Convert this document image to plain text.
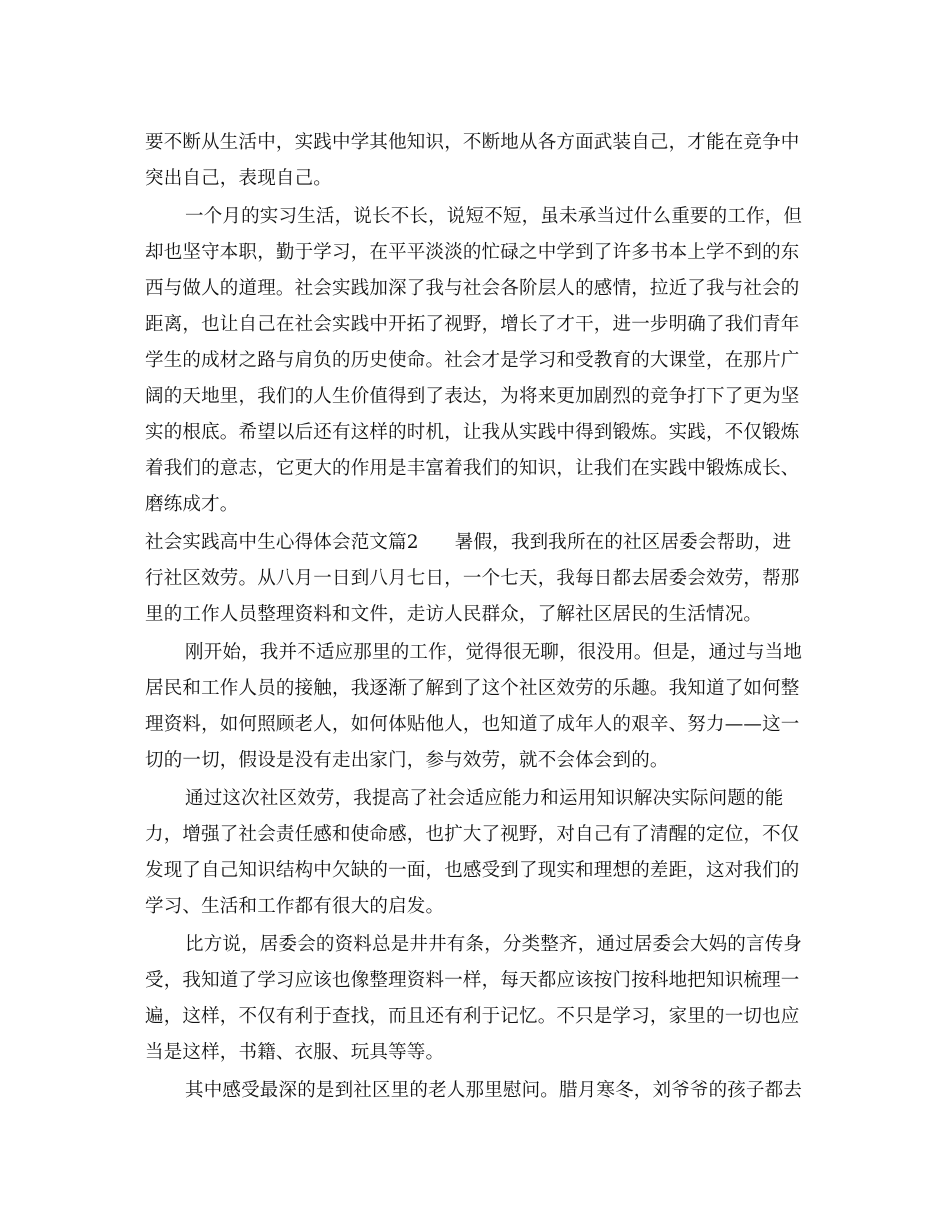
要不断从生活中，实践中学其他知识，不断地从各方面武装自己，才能在竞争中
突出自己，表现自己。
一个月的实习生活，说长不长，说短不短，虽未承当过什么重要的工作，但
却也坚守本职，勤于学习，在平平淡淡的忙碌之中学到了许多书本上学不到的东
西与做人的道理。社会实践加深了我与社会各阶层人的感情，拉近了我与社会的
距离，也让自己在社会实践中开拓了视野，增长了才干，进一步明确了我们青年
学生的成材之路与肩负的历史使命。社会才是学习和受教育的大课堂，在那片广
阔的天地里，我们的人生价值得到了表达，为将来更加剧烈的竞争打下了更为坚
实的根底。希望以后还有这样的时机，让我从实践中得到锻炼。实践，不仅锻炼
着我们的意志，它更大的作用是丰富着我们的知识，让我们在实践中锻炼成长、
磨练成才。
社会实践高中生心得体会范文篇2 暑假，我到我所在的社区居委会帮助，进
行社区效劳。从八月一日到八月七日，一个七天，我每日都去居委会效劳，帮那
里的工作人员整理资料和文件，走访人民群众，了解社区居民的生活情况。
刚开始，我并不适应那里的工作，觉得很无聊，很没用。但是，通过与当地
居民和工作人员的接触，我逐渐了解到了这个社区效劳的乐趣。我知道了如何整
理资料，如何照顾老人，如何体贴他人，也知道了成年人的艰辛、努力——这一
切的一切，假设是没有走出家门，参与效劳，就不会体会到的。
通过这次社区效劳，我提高了社会适应能力和运用知识解决实际问题的能
力，增强了社会责任感和使命感，也扩大了视野，对自己有了清醒的定位，不仅
发现了自己知识结构中欠缺的一面，也感受到了现实和理想的差距，这对我们的
学习、生活和工作都有很大的启发。
比方说，居委会的资料总是井井有条，分类整齐，通过居委会大妈的言传身
受，我知道了学习应该也像整理资料一样，每天都应该按门按科地把知识梳理一
遍，这样，不仅有利于查找，而且还有利于记忆。不只是学习，家里的一切也应
当是这样，书籍、衣服、玩具等等。
其中感受最深的是到社区里的老人那里慰问。腊月寒冬，刘爷爷的孩子都去
